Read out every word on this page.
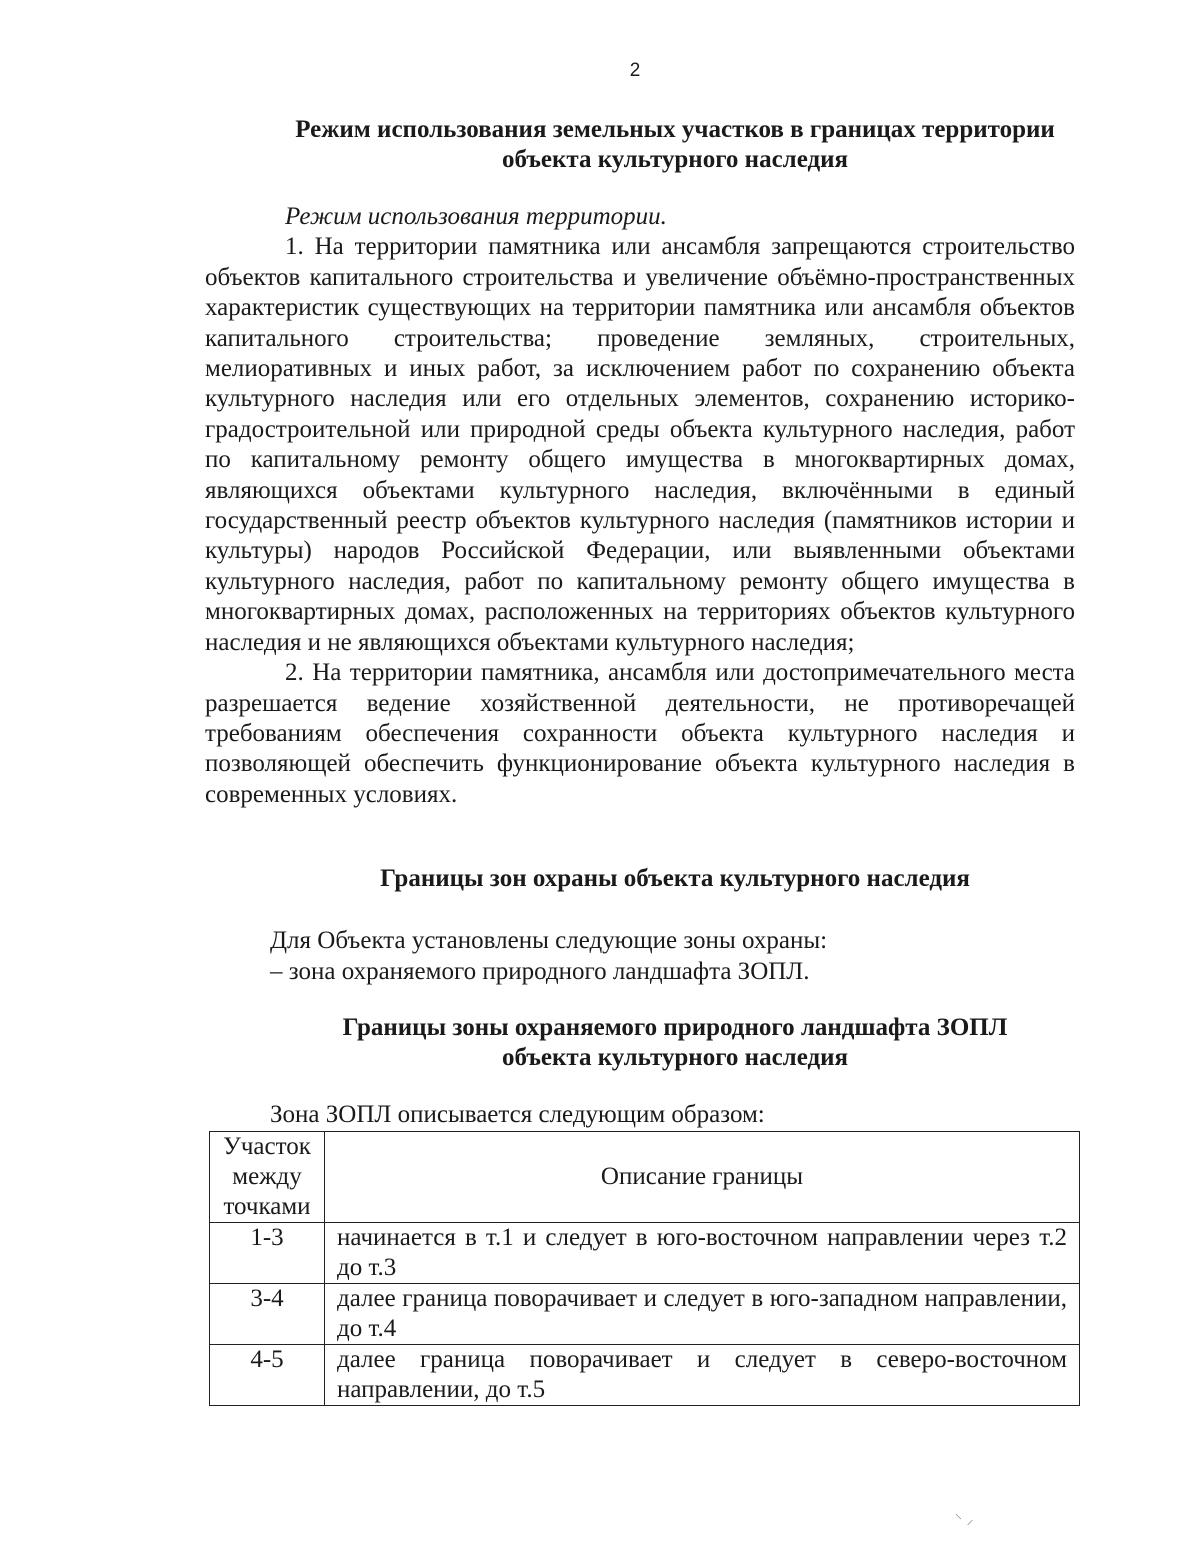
2
Режим использования земельных участков в границах территории
объекта культурного наследия

Режим использования территории.

1. На территории памятника или ансамбля запрещаются строительство объектов капитального строительства и увеличение объёмно-пространственных характеристик существующих на территории памятника или ансамбля объектов капитального строительства; проведение земляных, строительных, мелиоративных и иных работ, за исключением работ по сохранению объекта культурного наследия или его отдельных элементов, сохранению историко-градостроительной или природной среды объекта культурного наследия, работ по капитальному ремонту общего имущества в многоквартирных домах, являющихся объектами культурного наследия, включёнными в единый государственный реестр объектов культурного наследия (памятников истории и культуры) народов Российской Федерации, или выявленными объектами культурного наследия, работ по капитальному ремонту общего имущества в многоквартирных домах, расположенных на территориях объектов культурного наследия и не являющихся объектами культурного наследия;

2. На территории памятника, ансамбля или достопримечательного места разрешается ведение хозяйственной деятельности, не противоречащей требованиям обеспечения сохранности объекта культурного наследия и позволяющей обеспечить функционирование объекта культурного наследия в современных условиях.

Границы зон охраны объекта культурного наследия
Для Объекта установлены следующие зоны охраны:
– зона охраняемого природного ландшафта ЗОПЛ.
Границы зоны охраняемого природного ландшафта ЗОПЛ
объекта культурного наследия
Зона ЗОПЛ описывается следующим образом:
Участок
между
точками	Описание границы
1-3	начинается в т.1 и следует в юго-восточном направлении через т.2 до т.3
3-4	далее граница поворачивает и следует в юго-западном направлении, до т.4
4-5	далее граница поворачивает и следует в северо-восточном направлении, до т.5
⸌ ⸝
